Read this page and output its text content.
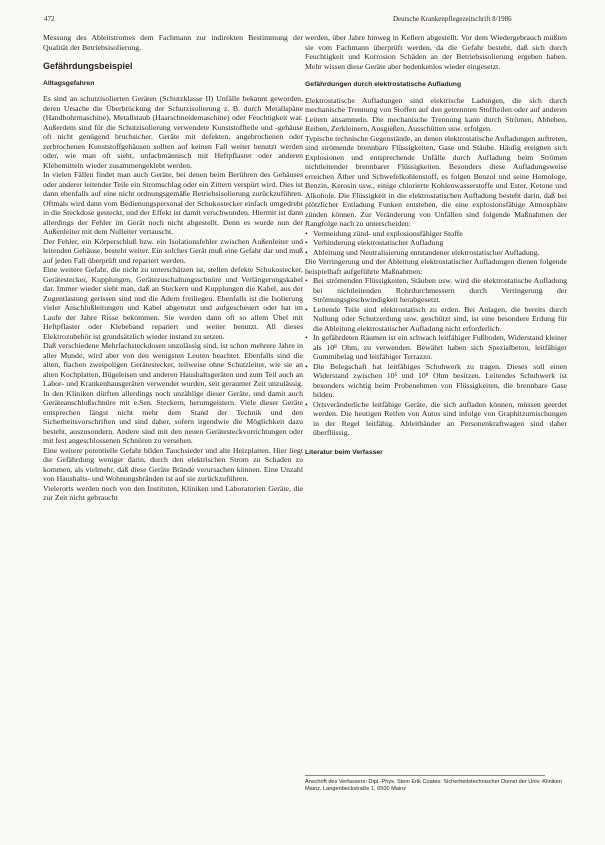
472	Deutsche Krankenpflegezeitschrift 8/1986

Messung des Ableitstromes dem Fachmann zur indirekten Bestimmung der Qualität der Betriebsisolierung.

Gefährdungsbeispiel
Alltagsgefahren

Es sind an schutzisolierten Geräten (Schutzklasse II) Unfälle bekannt geworden, deren Ursache die Überbrückung der Schutzisolierung z. B. durch Metallspäne (Handbohrmaschine), Metallstaub (Haarschneidemaschine) oder Feuchtigkeit war. Außerdem sind für die Schutzisolierung verwendete Kunststoffteile und -gehäuse oft nicht genügend bruchsicher. Geräte mit defekten, angebrochenen oder zerbrochenen Kunststoffgehäusen sollten auf keinen Fall weiter benutzt werden oder, wie man oft sieht, unfachmännisch mit Heftpflaster oder anderen Klebemitteln wieder zusammengeklebt werden.

In vielen Fällen findet man auch Geräte, bei denen beim Berühren des Gehäuses oder anderer leitender Teile ein Stromschlag oder ein Zittern verspürt wird. Dies ist dann ebenfalls auf eine nicht ordnungsgemäße Betriebsisolierung zurückzuführen. Oftmals wird dann vom Bedienungspersonal der Schukostecker einfach umgedreht in die Steckdose gesteckt, und der Effekt ist damit verschwunden. Hiermit ist dann allerdings der Fehler im Gerät noch nicht abgestellt. Denn es wurde nun der Außenleiter mit dem Nulleiter vertauscht.

Der Fehler, ein Körperschluß bzw. ein Isolationsfehler zwischen Außenleiter und leitenden Gehäuse, besteht weiter. Ein solches Gerät muß eine Gefahr dar und muß auf jeden Fall überprüft und repariert werden.

Eine weitere Gefahr, die nicht zu unterschätzen ist, stellen defekte Schukostecker, Gerätestecker, Kupplungen, Gerätezuschaltungsschnüre und Verlängerungskabel dar. Immer wieder sieht man, daß an Steckern und Kupplungen die Kabel, aus der Zugentlastung gerissen sind und die Adern freiliegen. Ebenfalls ist die Isolierung vieler Anschlußleitungen und Kabel abgenutzt und aufgescheuert oder hat im Laufe der Jahre Risse bekommen. Sie werden dann oft so allem Übel mit Heftpflaster oder Klebeband repariert und weiter benutzt. All dieses Elektrozubehör ist grundsätzlich wieder instand zu setzen.

Daß verschiedene Mehrfachsteckdosen unzulässig sind, ist schon mehrere Jahre in aller Munde, wird aber von den wenigsten Leuten beachtet. Ebenfalls sind die alten, flachen zweipoligen Gerätestecker, teilweise ohne Schutzleiter, wie sie an alten Kochplatten, Bügeleisen und anderen Haushaltsgeräten und zum Teil auch an Labor- und Krankenhausgeräten verwendet wurden, seit geraumer Zeit unzulässig. In den Kliniken dürften allerdings noch unzählige dieser Geräte, und damit auch Geräteanschlußschnüre mit e.Sen. Steckern, herumgeistern. Viele dieser Geräte entsprechen längst nicht mehr dem Stand der Technik und den Sicherheitsvorschriften und sind daher, sofern irgendwie die Möglichkeit dazu besteht, auszusondern. Andere sind mit den neuen Gerätesteckvorrichtungen oder mit fest angeschlossenen Schnüren zu versehen.

Eine weitere potentielle Gefahr bilden Tauchsieder und alte Heizplatten. Hier liegt die Gefährdung weniger darin, durch den elektrischen Strom zu Schaden zu kommen, als vielmehr, daß diese Geräte Brände verursachen können. Eine Unzahl von Haushalts- und Wohnungsbränden ist auf sie zurückzuführen.

Vielerorts werden noch von den Instituten, Kliniken und Laboratorien Geräte, die zur Zeit nicht gebraucht

werden, über Jahre hinweg in Kellern abgestellt. Vor dem Wiedergebrauch müßten sie vom Fachmann überprüft werden, da die Gefahr besteht, daß sich durch Feuchtigkeit und Korrosion Schäden an der Betriebsisolierung ergeben haben. Mehr wissen diese Geräte aber bedenkenlos wieder eingesetzt.

Gefährdungen durch elektrostatische Aufladung

Elektrostatische Aufladungen sind elektrische Ladungen, die sich durch mechanische Trennung von Stoffen auf den getrennten Stoffteilen oder auf anderen Leitern ansammeln. Die mechanische Trennung kann durch Strömen, Abheben, Reiben, Zerkleinern, Ausgießen, Ausschütten usw. erfolgen.

Typische technische Gegenstände, an denen elektrostatische Aufladungen auftreten, sind strömende brennbare Flüssigkeiten, Gase und Stäube. Häufig ereignen sich Explosionen und entsprechende Unfälle durch Aufladung beim Strömen nichtleitender brennbarer Flüssigkeiten. Besonders diese Aufladungsweise erreichen Äther und Schwefelkohlenstoff, es folgen Benzol und seine Homologe, Benzin, Kerosin usw., einige chlorierte Kohlenwasserstoffe und Ester, Ketone und Alkohole. Die Flüssigkeit in die elektrostatischen Aufladung besteht darin, daß bei plötzlicher Entladung Funken entstehen, die eine explosionsfähige Atmosphäre zünden können. Zur Veränderung von Unfällen sind folgende Maßnahmen der Rangfolge nach zu unterscheiden:

• Vermeidung zünd- und explosionsfähiger Stoffe
• Verhinderung elektrostatischer Aufladung
• Ableitung und Neutralisierung entstandener elektrostatischer Aufladung.

Die Verringerung und der Ableitung elektrostatischer Aufladungen dienen folgende beispielhaft aufgeführte Maßnahmen:

• Bei strömenden Flüssigkeiten, Stäuben usw. wird die elektrostatische Aufladung bei nichtleitenden Rohrdurchmessern durch Verringerung der Strömungsgeschwindigkeit herabgesetzt.
• Leitende Teile sind elektrostatisch zu erden. Bei Anlagen, die bereits durch Nullung oder Schutzerdung usw. geschützt sind, ist eine besondere Erdung für die Ableitung elektrostatischer Aufladung nicht erforderlich.
• In gefährdeten Räumen ist ein schwach leitfähiger Fußboden, Widerstand kleiner als 10⁸ Ohm, zu verwenden. Bewährt haben sich Spezialbeton, leitfähiger Gummibelag und leitfähiger Terrazzo.
• Die Belegschaft hat leitfähiges Schuhwerk zu tragen. Dieses soll einen Widerstand zwischen 10⁵ und 10⁸ Ohm besitzen. Leitendes Schuhwerk ist besonders wichtig beim Probenehmen von Flüssigkeiten, die brennbare Gase bilden.
• Ortsveränderliche leitfähige Geräte, die sich aufladen können, müssen geerdet werden. Die heutigen Reifen von Autos sind infolge von Graphitzumischungen in der Regel leitfähig. Ableitbänder an Personenkraftwagen sind daher überflüssig.
Literatur beim Verfasser
Anschrift des Verfassers: Dipl.-Phys. Stein Erik Coates: Sicherheitstechnischer Dienst der Univ.-Kliniken Mainz, Langenbeckstraße 1, 6500 Mainz
